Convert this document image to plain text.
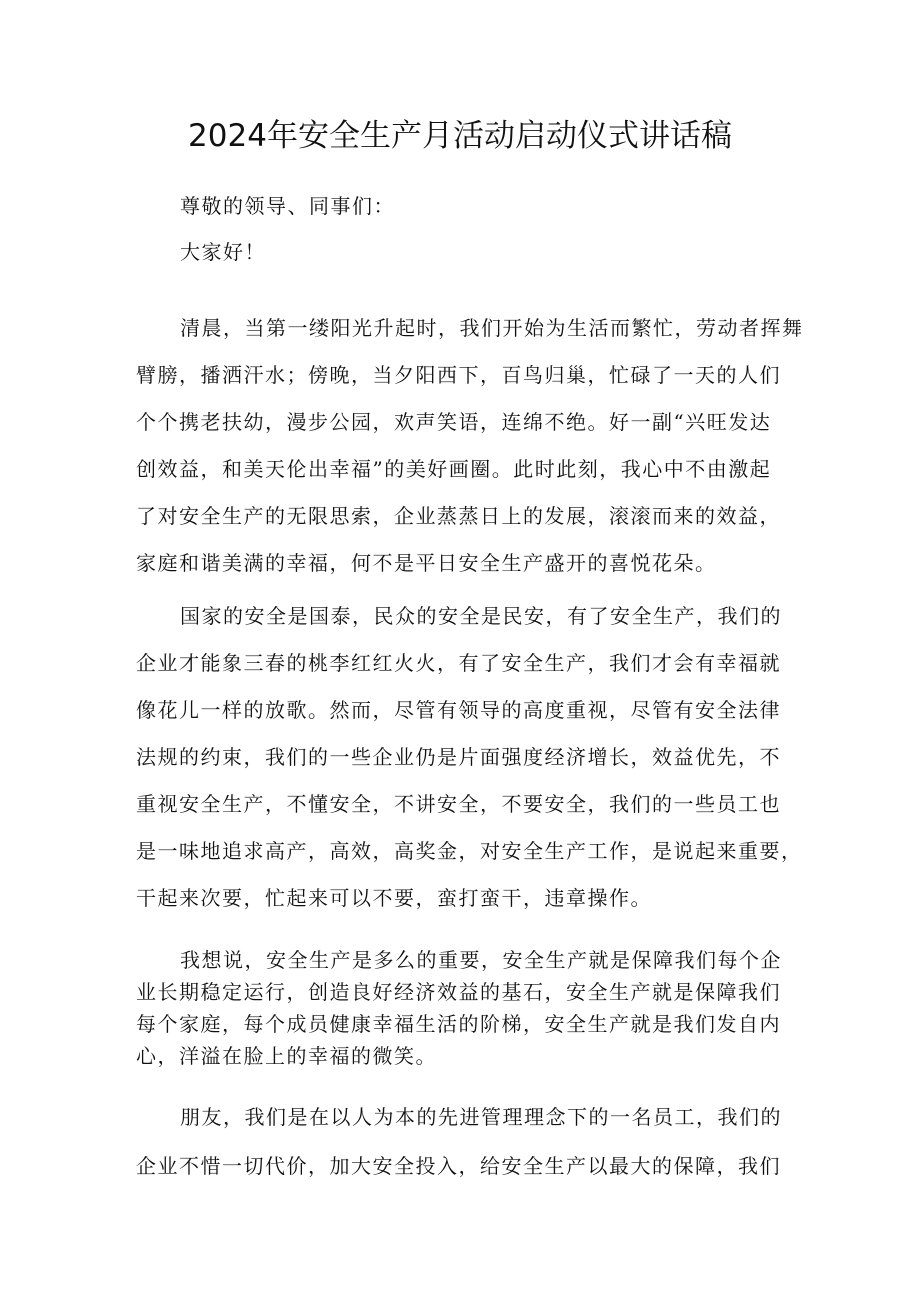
2024年安全生产月活动启动仪式讲话稿
尊敬的领导、同事们：
大家好！
清晨，当第一缕阳光升起时，我们开始为生活而繁忙，劳动者挥舞
臂膀，播洒汗水；傍晚，当夕阳西下，百鸟归巢，忙碌了一天的人们
个个携老扶幼，漫步公园，欢声笑语，连绵不绝。好一副“兴旺发达
创效益，和美天伦出幸福”的美好画圈。此时此刻，我心中不由激起
了对安全生产的无限思索，企业蒸蒸日上的发展，滚滚而来的效益，
家庭和谐美满的幸福，何不是平日安全生产盛开的喜悦花朵。
国家的安全是国泰，民众的安全是民安，有了安全生产，我们的
企业才能象三春的桃李红红火火，有了安全生产，我们才会有幸福就
像花儿一样的放歌。然而，尽管有领导的高度重视，尽管有安全法律
法规的约束，我们的一些企业仍是片面强度经济增长，效益优先，不
重视安全生产，不懂安全，不讲安全，不要安全，我们的一些员工也
是一味地追求高产，高效，高奖金，对安全生产工作，是说起来重要，
干起来次要，忙起来可以不要，蛮打蛮干，违章操作。
我想说，安全生产是多么的重要，安全生产就是保障我们每个企
业长期稳定运行，创造良好经济效益的基石，安全生产就是保障我们
每个家庭，每个成员健康幸福生活的阶梯，安全生产就是我们发自内
心，洋溢在脸上的幸福的微笑。
朋友，我们是在以人为本的先进管理理念下的一名员工，我们的
企业不惜一切代价，加大安全投入，给安全生产以最大的保障，我们
